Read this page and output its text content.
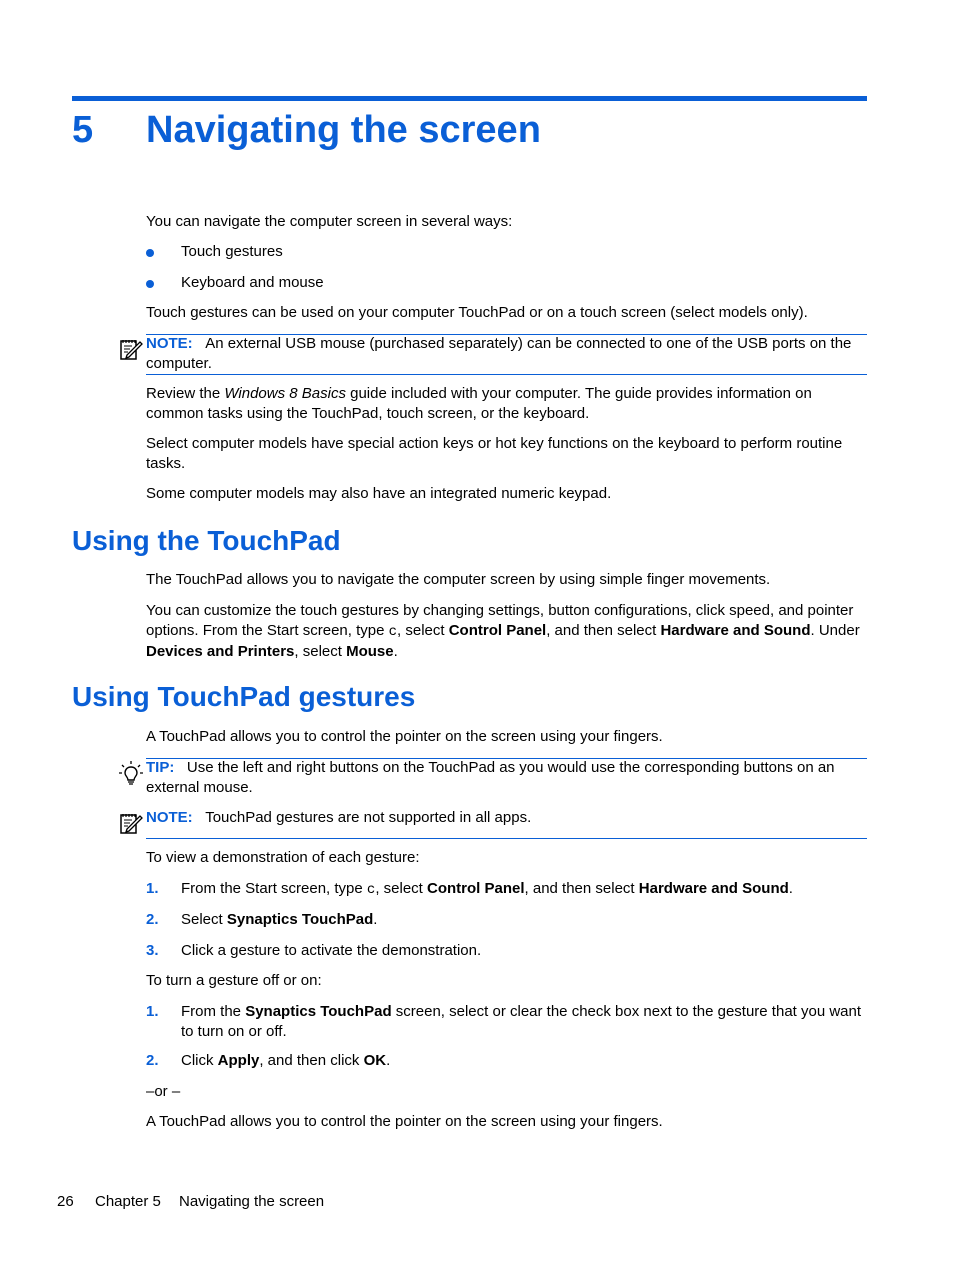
5 Navigating the screen
You can navigate the computer screen in several ways:
Touch gestures
Keyboard and mouse
Touch gestures can be used on your computer TouchPad or on a touch screen (select models only).
NOTE: An external USB mouse (purchased separately) can be connected to one of the USB ports on the computer.
Review the Windows 8 Basics guide included with your computer. The guide provides information on common tasks using the TouchPad, touch screen, or the keyboard.
Select computer models have special action keys or hot key functions on the keyboard to perform routine tasks.
Some computer models may also have an integrated numeric keypad.
Using the TouchPad
The TouchPad allows you to navigate the computer screen by using simple finger movements.
You can customize the touch gestures by changing settings, button configurations, click speed, and pointer options. From the Start screen, type c, select Control Panel, and then select Hardware and Sound. Under Devices and Printers, select Mouse.
Using TouchPad gestures
A TouchPad allows you to control the pointer on the screen using your fingers.
TIP: Use the left and right buttons on the TouchPad as you would use the corresponding buttons on an external mouse.
NOTE: TouchPad gestures are not supported in all apps.
To view a demonstration of each gesture:
1. From the Start screen, type c, select Control Panel, and then select Hardware and Sound.
2. Select Synaptics TouchPad.
3. Click a gesture to activate the demonstration.
To turn a gesture off or on:
1. From the Synaptics TouchPad screen, select or clear the check box next to the gesture that you want to turn on or off.
2. Click Apply, and then click OK.
–or –
A TouchPad allows you to control the pointer on the screen using your fingers.
26 Chapter 5 Navigating the screen
